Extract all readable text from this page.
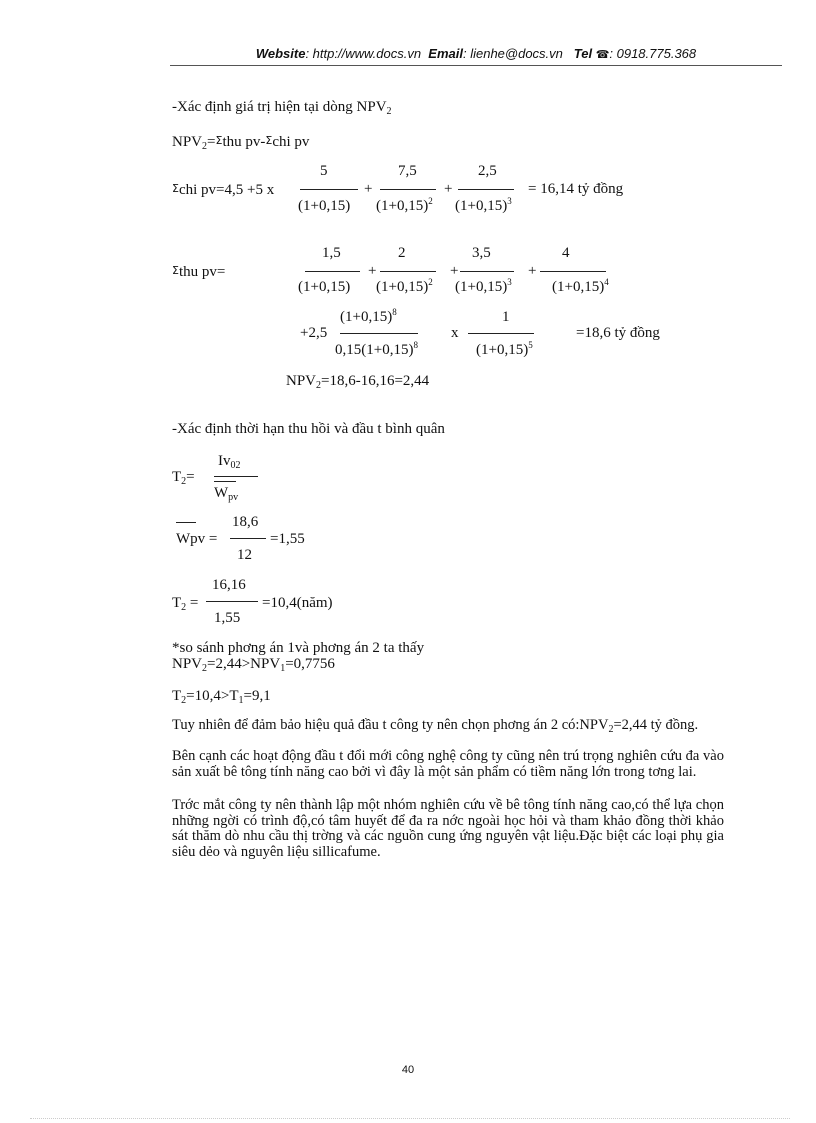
Website: http://www.docs.vn Email: lienhe@docs.vn Tel ☎: 0918.775.368
-Xác định giá trị hiện tại dòng $NPV_2$
$NPV_2=\Sigma thu$ pv-Σchi pv
Σchi pv=4,5 +5 x
5
(1+0,15)
+
7,5
$(1+0,15)^2$
+
2,5
$(1+0,15)^3$
= 16,14 tỷ đồng
Σthu pv=
1,5
(1+0,15)
+
2
$(1+0,15)^2$
+
3,5
$(1+0,15)^3$
+
4
$(1+0,15)^4$
+2,5
$(1+0,15)^8$
$0,15(1+0,15)^8$
x
1
$(1+0,15)^5$
=18,6 tỷ đồng
$NPV_2=18,6-16,16=2,44$
-Xác định thời hạn thu hồi và đầu t bình quân
$T_2=$
$Iv_{02}$
$W_{pv}$
Wpv =
18,6
12
=1,55
$T_2$ =
16,16
1,55
=10,4(năm)
*so sánh phơng án 1và phơng án 2 ta thấy
$NPV_2=2,44>NPV_1=0,7756$
$T_2=10,4>T_1=9,1$
Tuy nhiên để đảm bảo hiệu quả đầu t công ty nên chọn phơng án 2 $có:NPV_2=2,44$ tỷ đồng.
Bên cạnh các hoạt động đầu t đổi mới công nghệ công ty cũng nên trú trọng nghiên cứu đa vào sản xuất bê tông tính năng cao bởi vì đây là một sản phẩm có tiềm năng lớn trong tơng lai.
Trớc mắt công ty nên thành lập một nhóm nghiên cứu về bê tông tính năng cao,có thể lựa chọn những ngời có trình độ,có tâm huyết để đa ra nớc ngoài học hỏi và tham khảo đồng thời khảo sát thăm dò nhu cầu thị trờng và các nguồn cung ứng nguyên vật liệu.Đặc biệt các loại phụ gia siêu dẻo và nguyên liệu sillicafume.
40
